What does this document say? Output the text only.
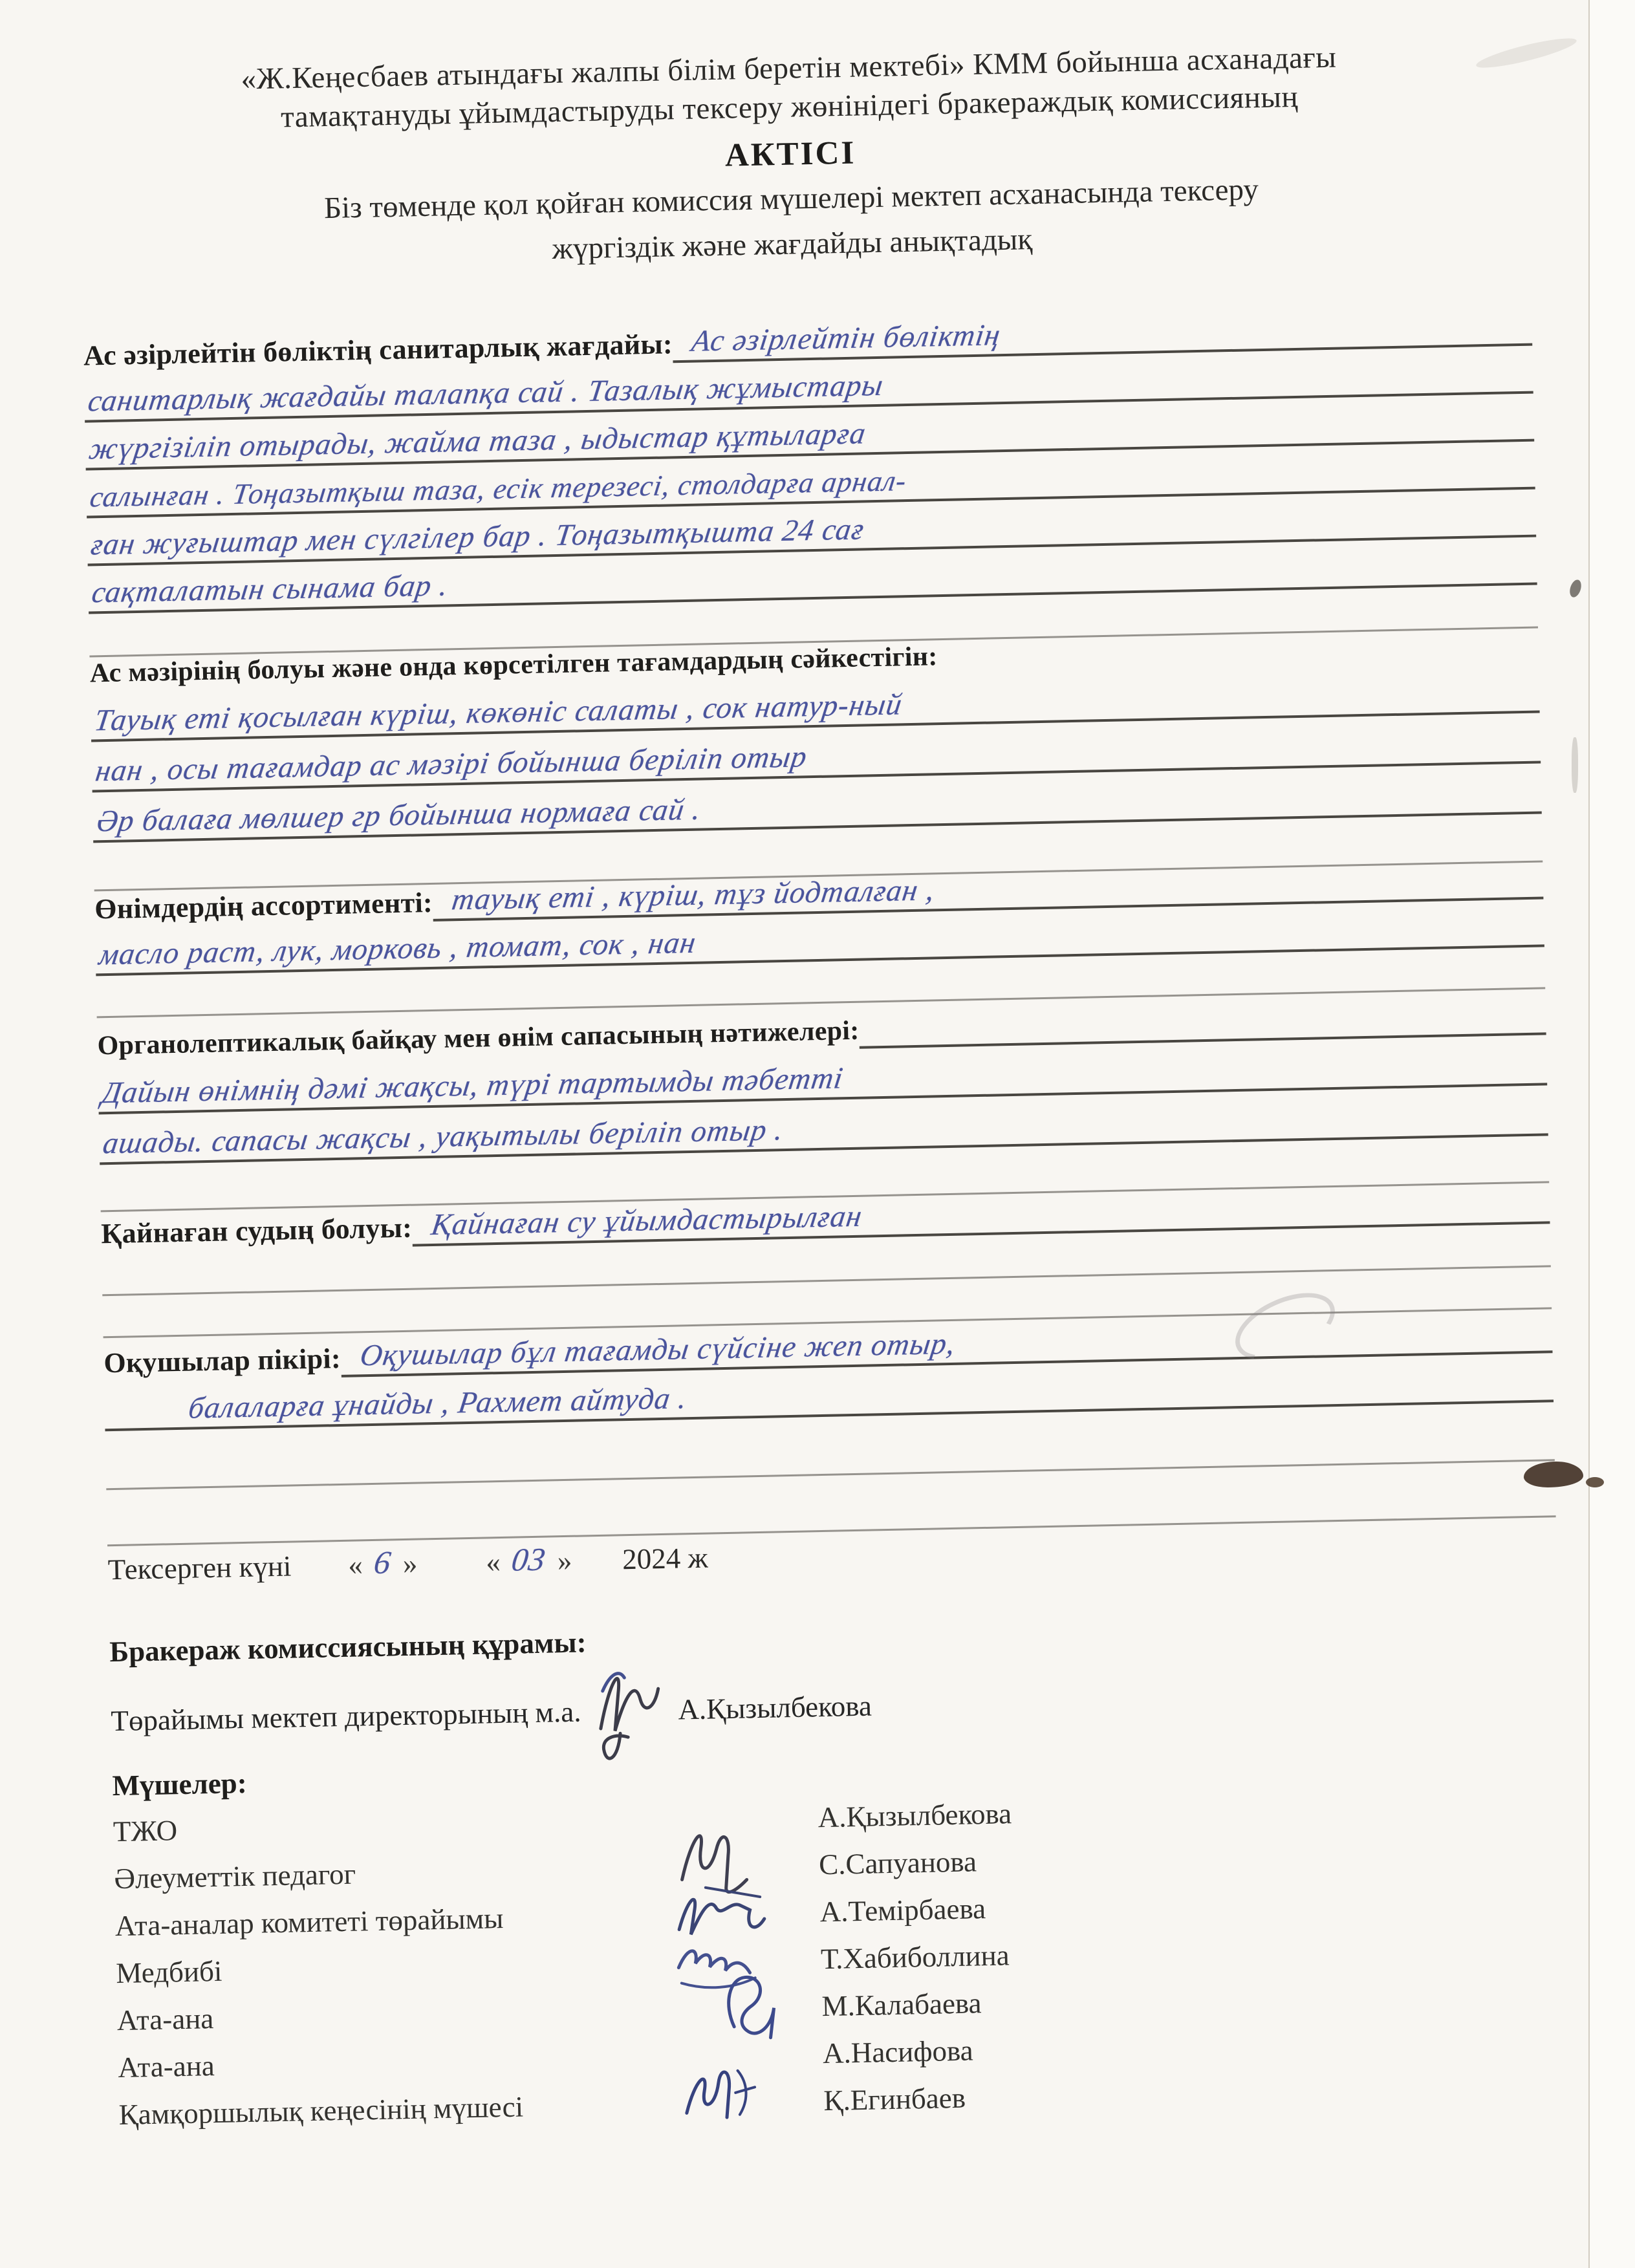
«Ж.Кеңесбаев атындағы жалпы білім беретін мектебі» КММ бойынша асханадағы
тамақтануды ұйымдастыруды тексеру жөнінідегі бракераждық комиссияның
АКТІСІ
Біз төменде қол қойған комиссия мүшелері мектеп асханасында тексеру
жүргіздік және жағдайды анықтадық
Ас әзірлейтін бөліктің санитарлық жағдайы: Ас әзірлейтін бөліктің
санитарлық жағдайы талапқа сай . Тазалық жұмыстары
жүргізіліп отырады, жайма таза , ыдыстар құтыларға
салынған . Тоңазытқыш таза, есік терезесі, столдарға арнал-
ған жуғыштар мен сүлгілер бар . Тоңазытқышта 24 сағ
сақталатын сынама бар .
Ас мәзірінің болуы және онда көрсетілген тағамдардың сәйкестігін:
Тауық еті қосылған күріш, көкөніс салаты , сок натур-ный
нан , осы тағамдар ас мәзірі бойынша беріліп отыр
Әр балаға мөлшер гр бойынша нормаға сай .
Өнімдердің ассортименті: тауық еті , күріш, тұз йодталған ,
масло раст, лук, морковь , томат, сок , нан
Органолептикалық байқау мен өнім сапасының нәтижелері:
Дайын өнімнің дәмі жақсы, түрі тартымды тәбетті
ашады. сапасы жақсы , уақытылы беріліп отыр .
Қайнаған судың болуы: Қайнаған су ұйымдастырылған
Оқушылар пікірі: Оқушылар бұл тағамды сүйсіне жеп отыр,
балаларға ұнайды , Рахмет айтуда .
Тексерген күні « 6 » « 03 » 2024 ж
Бракераж комиссиясының құрамы:
Төрайымы мектеп директорының м.а.	А.Қызылбекова
Мүшелер:
ТЖО	А.Қызылбекова
Әлеуметтік педагог	С.Сапуанова
Ата-аналар комитеті төрайымы	А.Темірбаева
Медбибі	Т.Хабиболлина
Ата-ана	М.Калабаева
Ата-ана	А.Насифова
Қамқоршылық кеңесінің мүшесі	Қ.Егинбаев
